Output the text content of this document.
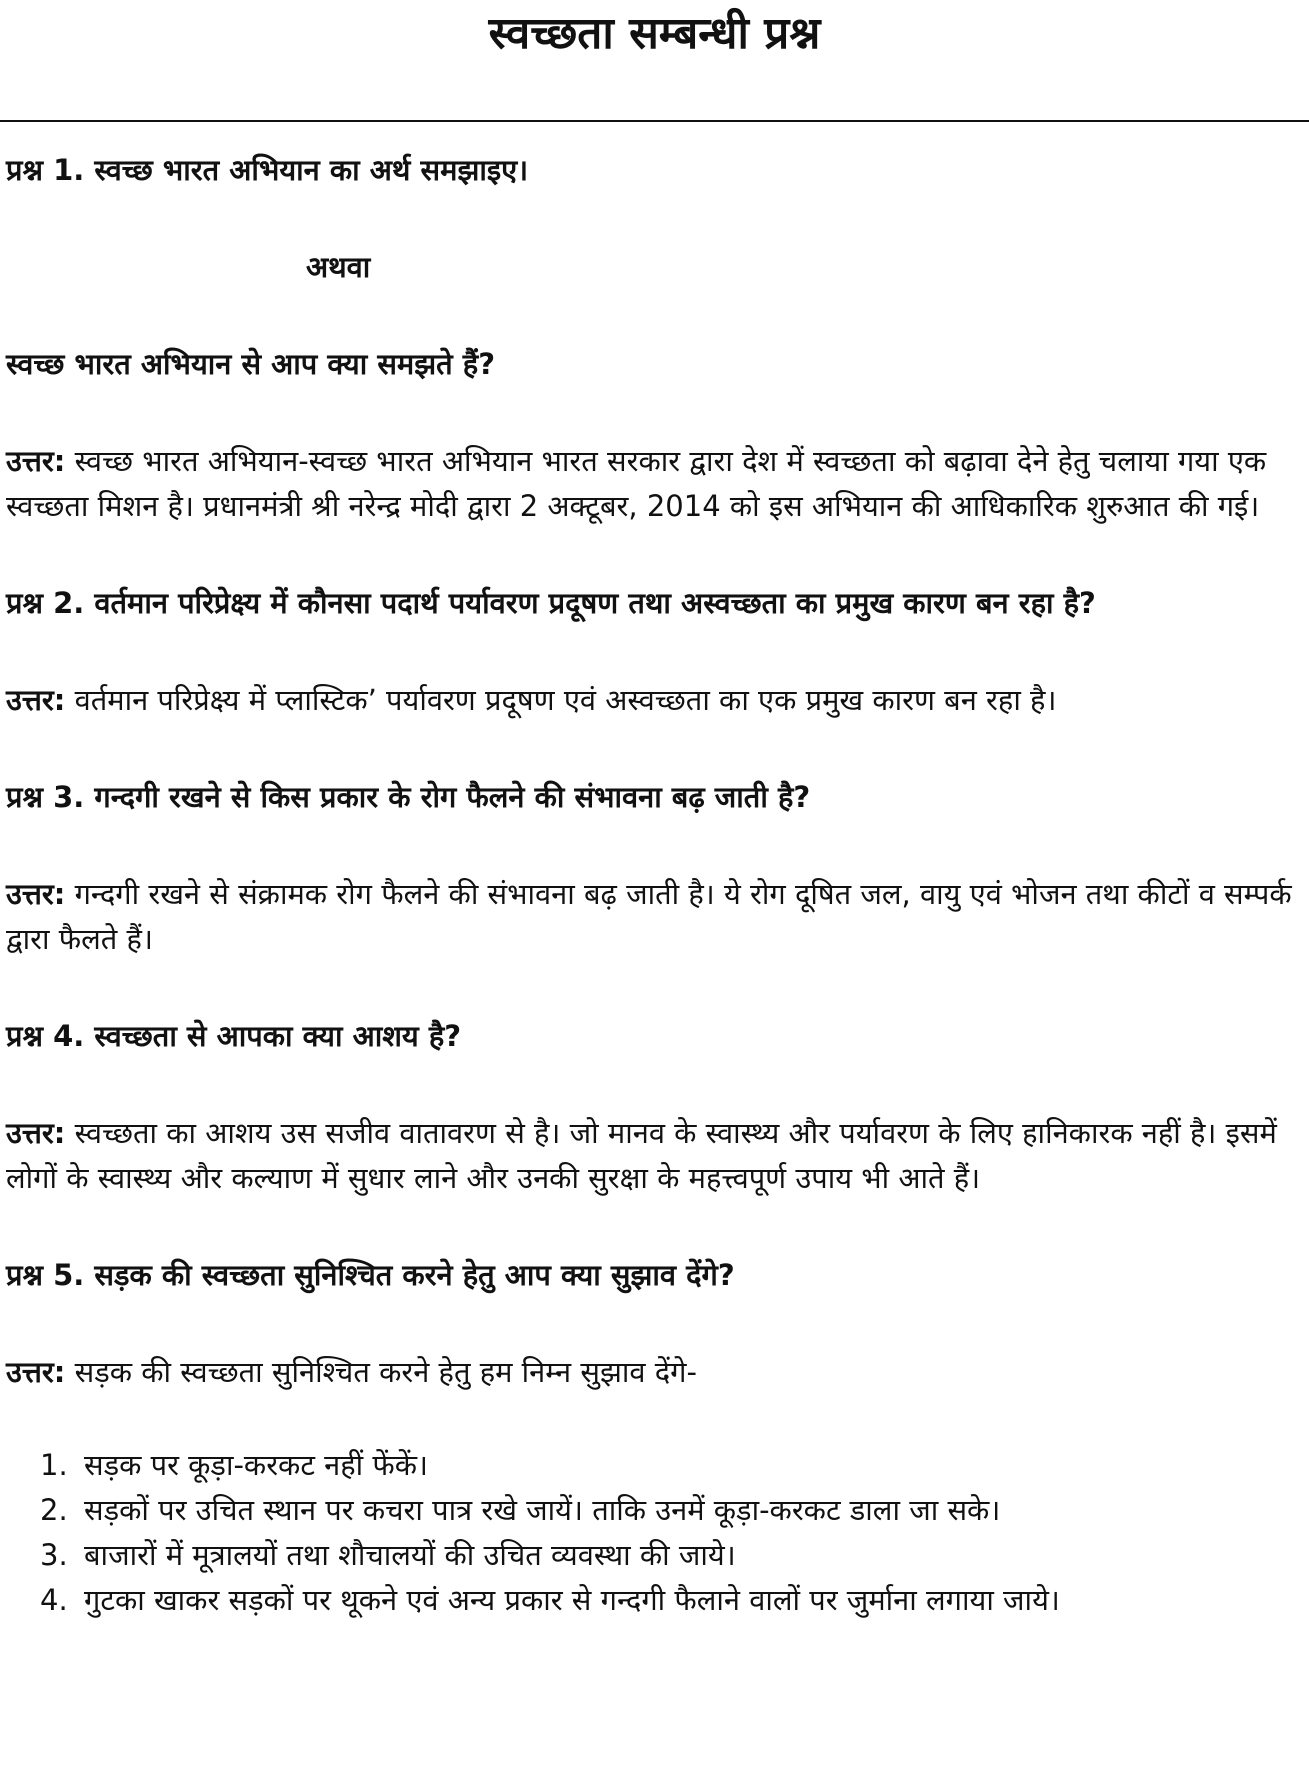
स्वच्छता सम्बन्धी प्रश्न

प्रश्न 1. स्वच्छ भारत अभियान का अर्थ समझाइए।

अथवा

स्वच्छ भारत अभियान से आप क्या समझते हैं?

उत्तर: स्वच्छ भारत अभियान-स्वच्छ भारत अभियान भारत सरकार द्वारा देश में स्वच्छता को बढ़ावा देने हेतु चलाया गया एक स्वच्छता मिशन है। प्रधानमंत्री श्री नरेन्द्र मोदी द्वारा 2 अक्टूबर, 2014 को इस अभियान की आधिकारिक शुरुआत की गई।

प्रश्न 2. वर्तमान परिप्रेक्ष्य में कौनसा पदार्थ पर्यावरण प्रदूषण तथा अस्वच्छता का प्रमुख कारण बन रहा है?

उत्तर: वर्तमान परिप्रेक्ष्य में प्लास्टिक’ पर्यावरण प्रदूषण एवं अस्वच्छता का एक प्रमुख कारण बन रहा है।

प्रश्न 3. गन्दगी रखने से किस प्रकार के रोग फैलने की संभावना बढ़ जाती है?

उत्तर: गन्दगी रखने से संक्रामक रोग फैलने की संभावना बढ़ जाती है। ये रोग दूषित जल, वायु एवं भोजन तथा कीटों व सम्पर्क द्वारा फैलते हैं।

प्रश्न 4. स्वच्छता से आपका क्या आशय है?

उत्तर: स्वच्छता का आशय उस सजीव वातावरण से है। जो मानव के स्वास्थ्य और पर्यावरण के लिए हानिकारक नहीं है। इसमें लोगों के स्वास्थ्य और कल्याण में सुधार लाने और उनकी सुरक्षा के महत्त्वपूर्ण उपाय भी आते हैं।

प्रश्न 5. सड़क की स्वच्छता सुनिश्चित करने हेतु आप क्या सुझाव देंगे?

उत्तर: सड़क की स्वच्छता सुनिश्चित करने हेतु हम निम्न सुझाव देंगे-

1. सड़क पर कूड़ा-करकट नहीं फेंकें।
2. सड़कों पर उचित स्थान पर कचरा पात्र रखे जायें। ताकि उनमें कूड़ा-करकट डाला जा सके।
3. बाजारों में मूत्रालयों तथा शौचालयों की उचित व्यवस्था की जाये।
4. गुटका खाकर सड़कों पर थूकने एवं अन्य प्रकार से गन्दगी फैलाने वालों पर जुर्माना लगाया जाये।
